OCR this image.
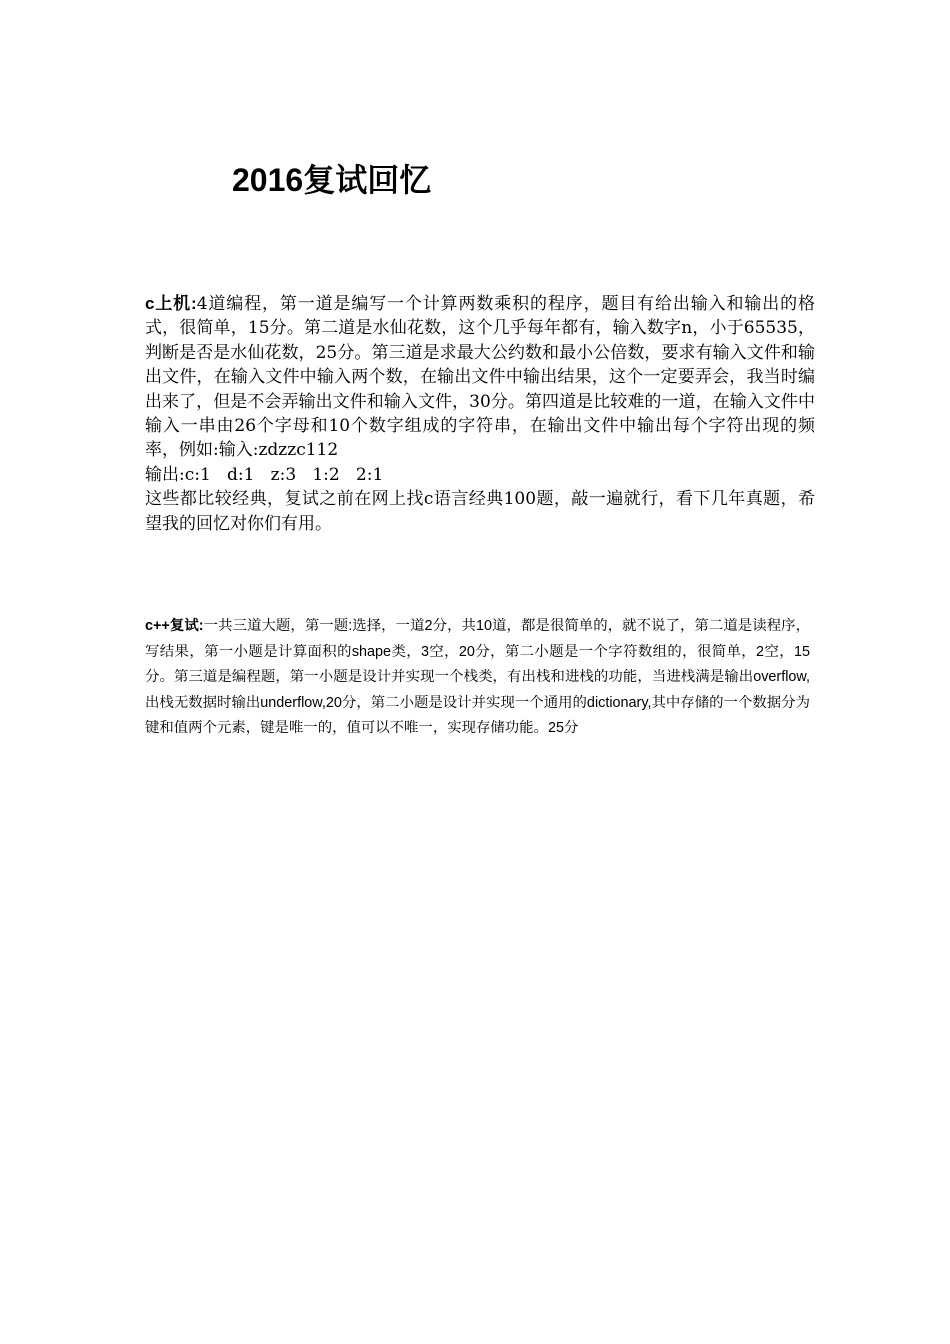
2016复试回忆

c上机:4道编程，第一道是编写一个计算两数乘积的程序，题目有给出输入和输出的格式，很简单，15分。第二道是水仙花数，这个几乎每年都有，输入数字n，小于65535，判断是否是水仙花数，25分。第三道是求最大公约数和最小公倍数，要求有输入文件和输出文件，在输入文件中输入两个数，在输出文件中输出结果，这个一定要弄会，我当时编出来了，但是不会弄输出文件和输入文件，30分。第四道是比较难的一道，在输入文件中输入一串由26个字母和10个数字组成的字符串，在输出文件中输出每个字符出现的频率，例如:输入:zdzzc112

输出:c:1   d:1   z:3   1:2   2:1

这些都比较经典，复试之前在网上找c语言经典100题，敲一遍就行，看下几年真题，希望我的回忆对你们有用。

c++复试:一共三道大题，第一题:选择，一道2分，共10道，都是很简单的，就不说了，第二道是读程序，写结果，第一小题是计算面积的shape类，3空，20分，第二小题是一个字符数组的，很简单，2空，15分。第三道是编程题，第一小题是设计并实现一个栈类，有出栈和进栈的功能，当进栈满是输出overflow,出栈无数据时输出underflow,20分，第二小题是设计并实现一个通用的dictionary,其中存储的一个数据分为键和值两个元素，键是唯一的，值可以不唯一，实现存储功能。25分
